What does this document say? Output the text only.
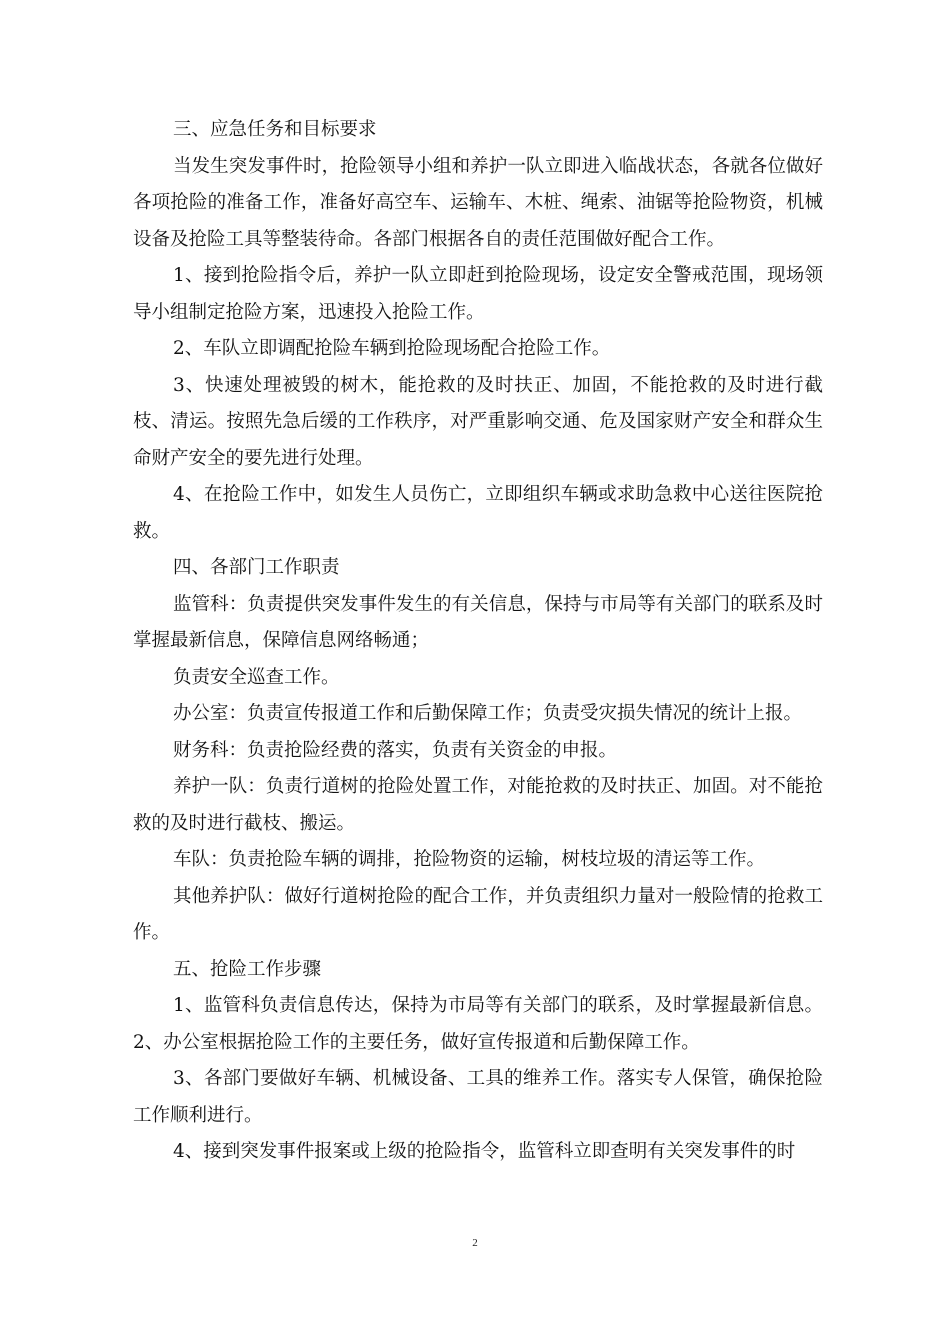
三、应急任务和目标要求

当发生突发事件时，抢险领导小组和养护一队立即进入临战状态，各就各位做好各项抢险的准备工作，准备好高空车、运输车、木桩、绳索、油锯等抢险物资，机械设备及抢险工具等整装待命。各部门根据各自的责任范围做好配合工作。

1、接到抢险指令后，养护一队立即赶到抢险现场，设定安全警戒范围，现场领导小组制定抢险方案，迅速投入抢险工作。

2、车队立即调配抢险车辆到抢险现场配合抢险工作。

3、快速处理被毁的树木，能抢救的及时扶正、加固，不能抢救的及时进行截枝、清运。按照先急后缓的工作秩序，对严重影响交通、危及国家财产安全和群众生命财产安全的要先进行处理。

4、在抢险工作中，如发生人员伤亡，立即组织车辆或求助急救中心送往医院抢救。

四、各部门工作职责

监管科：负责提供突发事件发生的有关信息，保持与市局等有关部门的联系及时掌握最新信息，保障信息网络畅通；

负责安全巡查工作。

办公室：负责宣传报道工作和后勤保障工作；负责受灾损失情况的统计上报。

财务科：负责抢险经费的落实，负责有关资金的申报。

养护一队：负责行道树的抢险处置工作，对能抢救的及时扶正、加固。对不能抢救的及时进行截枝、搬运。

车队：负责抢险车辆的调排，抢险物资的运输，树枝垃圾的清运等工作。

其他养护队：做好行道树抢险的配合工作，并负责组织力量对一般险情的抢救工作。

五、抢险工作步骤

1、监管科负责信息传达，保持为市局等有关部门的联系，及时掌握最新信息。2、办公室根据抢险工作的主要任务，做好宣传报道和后勤保障工作。

3、各部门要做好车辆、机械设备、工具的维养工作。落实专人保管，确保抢险工作顺利进行。

4、接到突发事件报案或上级的抢险指令，监管科立即查明有关突发事件的时

2
